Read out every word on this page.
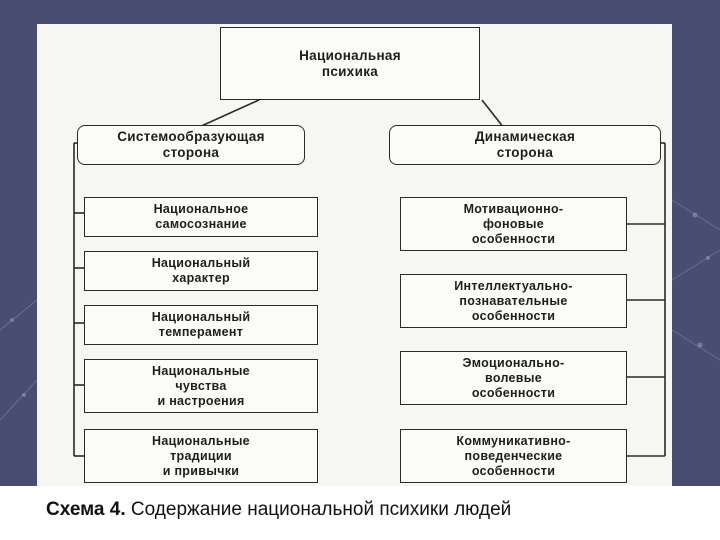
Национальная
психика
Системообразующая
сторона
Динамическая
сторона
Национальное
самосознание
Национальный
характер
Национальный
темперамент
Национальные
чувства
и настроения
Национальные
традиции
и привычки
Мотивационно-
фоновые
особенности
Интеллектуально-
познавательные
особенности
Эмоционально-
волевые
особенности
Коммуникативно-
поведенческие
особенности
Схема 4. Содержание национальной психики людей
